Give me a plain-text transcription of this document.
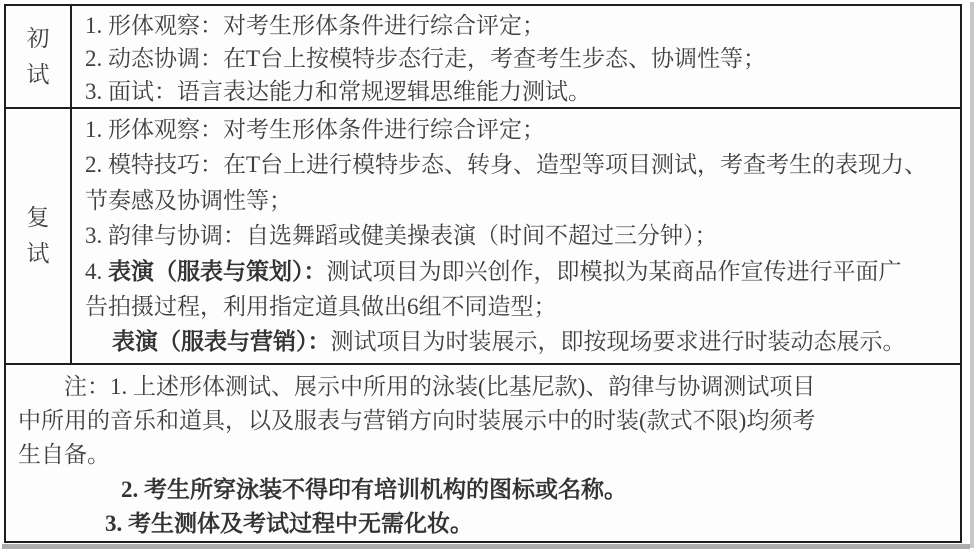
初试
1. 形体观察：对考生形体条件进行综合评定；
2. 动态协调：在T台上按模特步态行走，考查考生步态、协调性等；
3. 面试：语言表达能力和常规逻辑思维能力测试。
复试
1. 形体观察：对考生形体条件进行综合评定；
2. 模特技巧：在T台上进行模特步态、转身、造型等项目测试，考查考生的表现力、
节奏感及协调性等；
3. 韵律与协调：自选舞蹈或健美操表演（时间不超过三分钟）；
4. 表演（服表与策划）：测试项目为即兴创作，即模拟为某商品作宣传进行平面广
告拍摄过程，利用指定道具做出6组不同造型；
表演（服表与营销）：测试项目为时装展示，即按现场要求进行时装动态展示。
注：1. 上述形体测试、展示中所用的泳装(比基尼款)、韵律与协调测试项目
中所用的音乐和道具，以及服表与营销方向时装展示中的时装(款式不限)均须考
生自备。
2. 考生所穿泳装不得印有培训机构的图标或名称。
3. 考生测体及考试过程中无需化妆。
